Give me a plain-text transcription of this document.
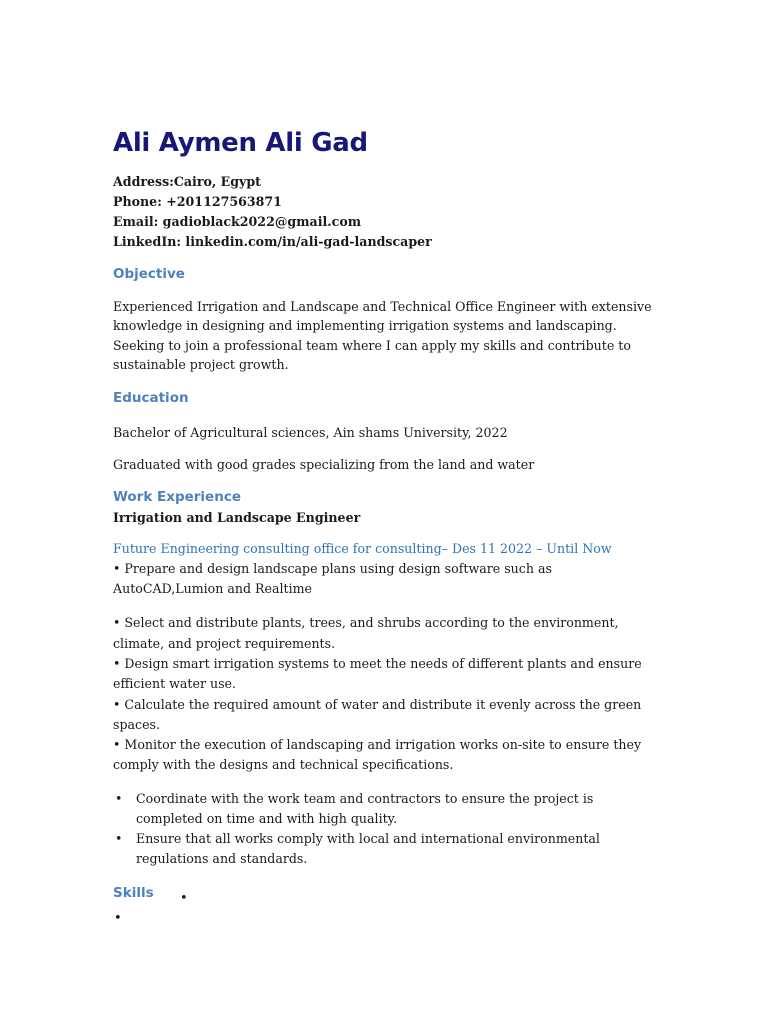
Ali Aymen Ali Gad

Address:Cairo, Egypt

Phone: +201127563871

Email: gadioblack2022@gmail.com

LinkedIn: linkedin.com/in/ali-gad-landscaper

Objective

Experienced Irrigation and Landscape and Technical Office Engineer with extensive knowledge in designing and implementing irrigation systems and landscaping. Seeking to join a professional team where I can apply my skills and contribute to sustainable project growth.

Education

Bachelor of Agricultural sciences, Ain shams University, 2022

Graduated with good grades specializing from the land and water

Work Experience

Irrigation and Landscape Engineer

Future Engineering consulting office for consulting– Des 11 2022 – Until Now

• Prepare and design landscape plans using design software such as AutoCAD,Lumion and Realtime

• Select and distribute plants, trees, and shrubs according to the environment, climate, and project requirements.

• Design smart irrigation systems to meet the needs of different plants and ensure efficient water use.

• Calculate the required amount of water and distribute it evenly across the green spaces.

• Monitor the execution of landscaping and irrigation works on-site to ensure they comply with the designs and technical specifications.

• Coordinate with the work team and contractors to ensure the project is completed on time and with high quality.
• Ensure that all works comply with local and international environmental regulations and standards.
Skills	•
•
